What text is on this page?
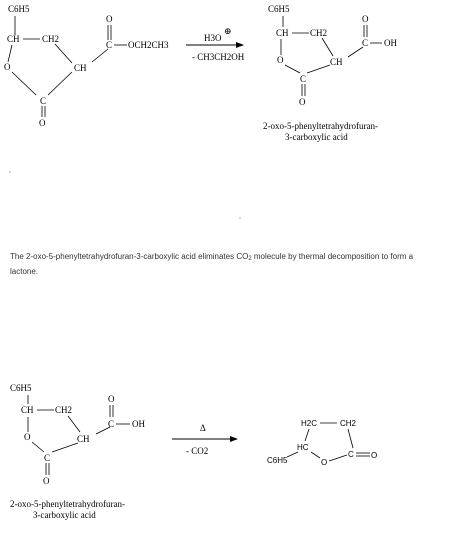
C6H5
CH CH2
O	CH
C
O
O
C OCH2CH3
H3O
⊕
- CH3CH2OH
C6H5
CH CH2
O	CH
C
O
O
C OH
2-oxo-5-phenyltetrahydrofuran-
3-carboxylic acid
C6H5
CH CH2
O	CH
C
O
O
C OH
2-oxo-5-phenyltetrahydrofuran-
3-carboxylic acid
Δ
- CO2
H2C	CH2
HC
C6H5	O
C O

The 2-oxo-5-phenyltetrahydrofuran-3-carboxylic acid eliminates $CO_2$ molecule by thermal decomposition to form a lactone.
